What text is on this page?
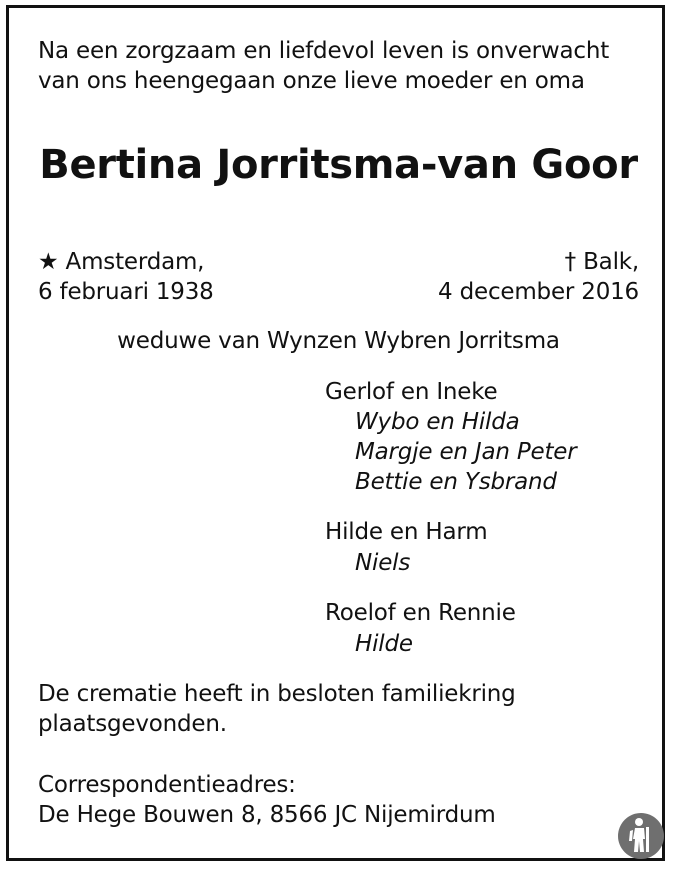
Na een zorgzaam en liefdevol leven is onverwacht
van ons heengegaan onze lieve moeder en oma
Bertina Jorritsma-van Goor
★ Amsterdam,
6 februari 1938
† Balk,
4 december 2016
weduwe van Wynzen Wybren Jorritsma
Gerlof en Ineke
Wybo en Hilda
Margje en Jan Peter
Bettie en Ysbrand
Hilde en Harm
Niels
Roelof en Rennie
Hilde
De crematie heeft in besloten familiekring
plaatsgevonden.
Correspondentieadres:
De Hege Bouwen 8, 8566 JC Nijemirdum
